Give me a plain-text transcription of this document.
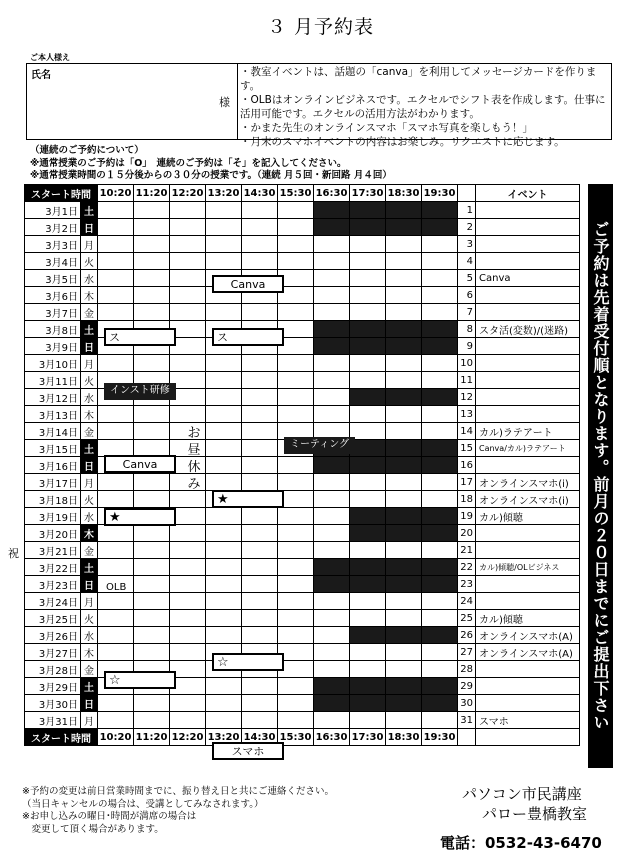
３ 月予約表
ご本人様え
氏名
様
・教室イベントは、話題の「canva」を利用してメッセージカードを作ります。
・OLBはオンラインビジネスです。エクセルでシフト表を作成します。仕事に活用可能です。エクセルの活用方法がわかります。
・かまた先生のオンラインスマホ「スマホ写真を楽しもう！」
・月末のスマホイベントの内容はお楽しみ。リクエストに応じます。
（連続のご予約について）
※通常授業のご予約は「O」　連続のご予約は「そ」を記入してください。
※通常授業時間の１５分後からの３０分の授業です。（連続 月５回・新回路 月４回）
スタート時間		10:20	11:20	12:20	13:20	14:30	15:30	16:30	17:30	18:30	19:30		イベント
3月1日	土											1	
3月2日	日											2	
3月3日	月											3	
3月4日	火											4	
3月5日	水											5	Canva
3月6日	木											6	
3月7日	金											7	
3月8日	土											8	スタ活(変数)/(迷路)
3月9日	日											9	
3月10日	月											10	
3月11日	火											11	
3月12日	水											12	
3月13日	木											13	
3月14日	金											14	カル)ラテアート
3月15日	土											15	Canva/カル)ラテアート
3月16日	日											16	
3月17日	月											17	オンラインスマホ(i)
3月18日	火											18	オンラインスマホ(i)
3月19日	水											19	カル)傾聴
3月20日	木											20	
3月21日	金											21	
3月22日	土											22	カル)傾聴/OLビジネス
3月23日	日											23	
3月24日	月											24	
3月25日	火											25	カル)傾聴
3月26日	水											26	オンラインスマホ(A)
3月27日	木											27	オンラインスマホ(A)
3月28日	金											28	
3月29日	土											29	
3月30日	日											30	
3月31日	月											31	スマホ
スタート時間		10:20	11:20	12:20	13:20	14:30	15:30	16:30	17:30	18:30	19:30		
Canva
ス	ス
インスト研修
ミーティング
Canva
★
★
OLB
☆
☆
スマホ
お昼休み
祝	ご予約は先着受付順となります。前月の２０日までにご提出下さい
※予約の変更は前日営業時間までに、振り替え日と共にご連絡ください。
（当日キャンセルの場合は、受講としてみなされます。）
※お申し込みの曜日･時間が満席の場合は
　変更して頂く場合があります。
パソコン市民講座
パロー豊橋教室
電話：0532-43-6470
